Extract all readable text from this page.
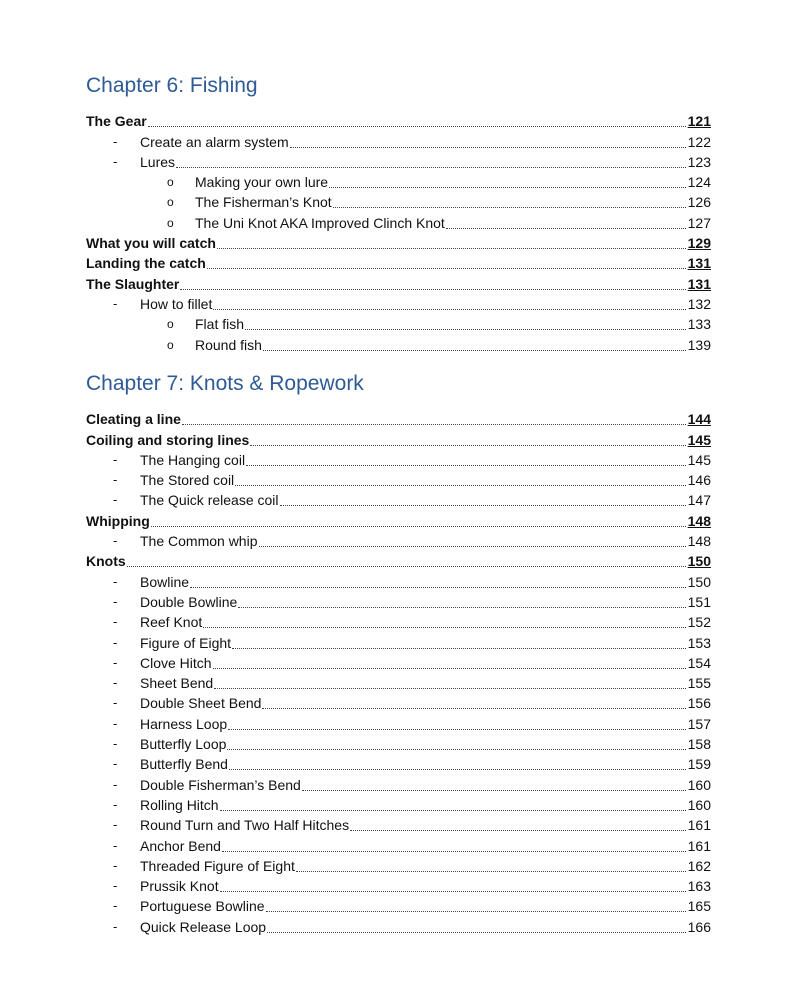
Chapter 6: Fishing
The Gear	121
- Create an alarm system	122
- Lures	123
o Making your own lure	124
o The Fisherman’s Knot	126
o The Uni Knot AKA Improved Clinch Knot	127
What you will catch	129
Landing the catch	131
The Slaughter	131
- How to fillet	132
o Flat fish	133
o Round fish	139
Chapter 7: Knots & Ropework
Cleating a line	144
Coiling and storing lines	145
- The Hanging coil	145
- The Stored coil	146
- The Quick release coil	147
Whipping	148
- The Common whip	148
Knots	150
- Bowline	150
- Double Bowline	151
- Reef Knot	152
- Figure of Eight	153
- Clove Hitch	154
- Sheet Bend	155
- Double Sheet Bend	156
- Harness Loop	157
- Butterfly Loop	158
- Butterfly Bend	159
- Double Fisherman’s Bend	160
- Rolling Hitch	160
- Round Turn and Two Half Hitches	161
- Anchor Bend	161
- Threaded Figure of Eight	162
- Prussik Knot	163
- Portuguese Bowline	165
- Quick Release Loop	166
